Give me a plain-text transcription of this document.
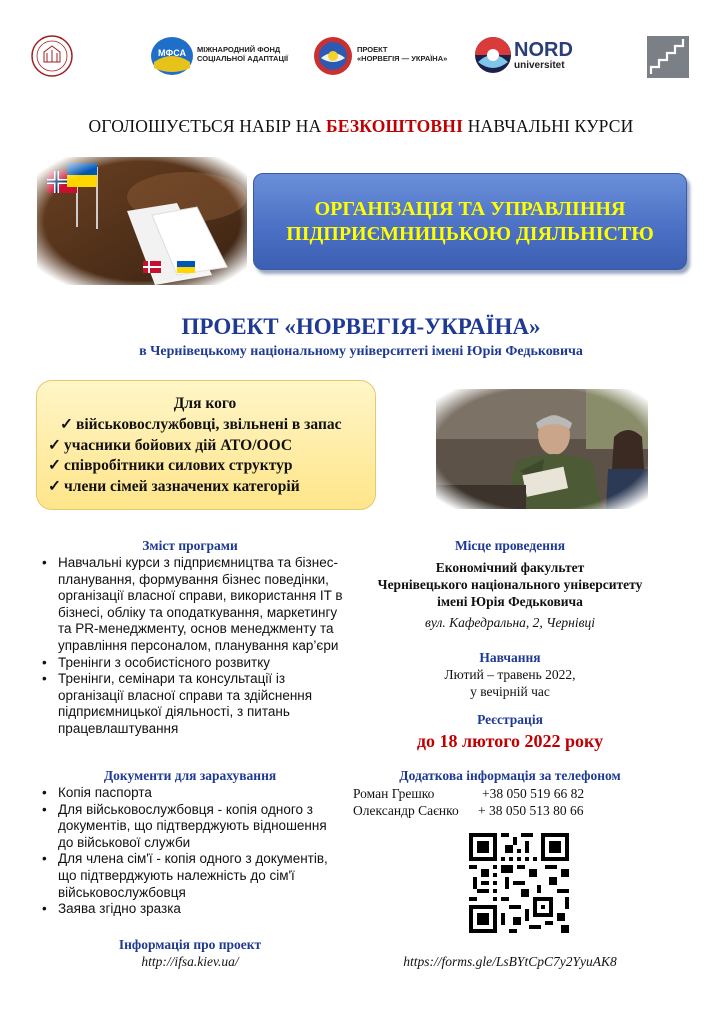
МФСА МІЖНАРОДНИЙ ФОНД
СОЦІАЛЬНОЇ АДАПТАЦІЇ
ПРОЕКТ
«НОРВЕГІЯ — УКРАЇНА»	NORD
universitet
ОГОЛОШУЄТЬСЯ НАБІР НА БЕЗКОШТОВНІ НАВЧАЛЬНІ КУРСИ
ОРГАНІЗАЦІЯ ТА УПРАВЛІННЯ
ПІДПРИЄМНИЦЬКОЮ ДІЯЛЬНІСТЮ
ПРОЕКТ «НОРВЕГІЯ-УКРАЇНА»
в Чернівецькому національному університеті імені Юрія Федьковича
Для кого
✓ військовослужбовці, звільнені в запас
✓ учасники бойових дій АТО/ООС
✓ співробітники силових структур
✓ члени сімей зазначених категорій
Зміст програми
• Навчальні курси з підприємництва та бізнес-планування, формування бізнес поведінки, організації власної справи, використання IT в бізнесі, обліку та оподаткування, маркетингу та PR-менеджменту, основ менеджменту та управління персоналом, планування кар’єри
• Тренінги з особистісного розвитку
• Тренінги, семінари та консультації із організації власної справи та здійснення підприємницької діяльності, з питань працевлаштування
Документи для зарахування
• Копія паспорта
• Для військовослужбовця - копія одного з документів, що підтверджують відношення до військової служби
• Для члена сім'ї - копія одного з документів, що підтверджують належність до сім'ї військовослужбовця
• Заява згідно зразка
Інформація про проект
http://ifsa.kiev.ua/
Місце проведення
Економічний факультет
Чернівецького національного університету
імені Юрія Федьковича
вул. Кафедральна, 2, Чернівці
Навчання
Лютий – травень 2022,
у вечірній час
Реєстрація
до 18 лютого 2022 року
Додаткова інформація за телефоном
Роман Грешко	+38 050 519 66 82
Олександр Саєнко + 38 050 513 80 66
https://forms.gle/LsBYtCpC7y2YyuAK8
